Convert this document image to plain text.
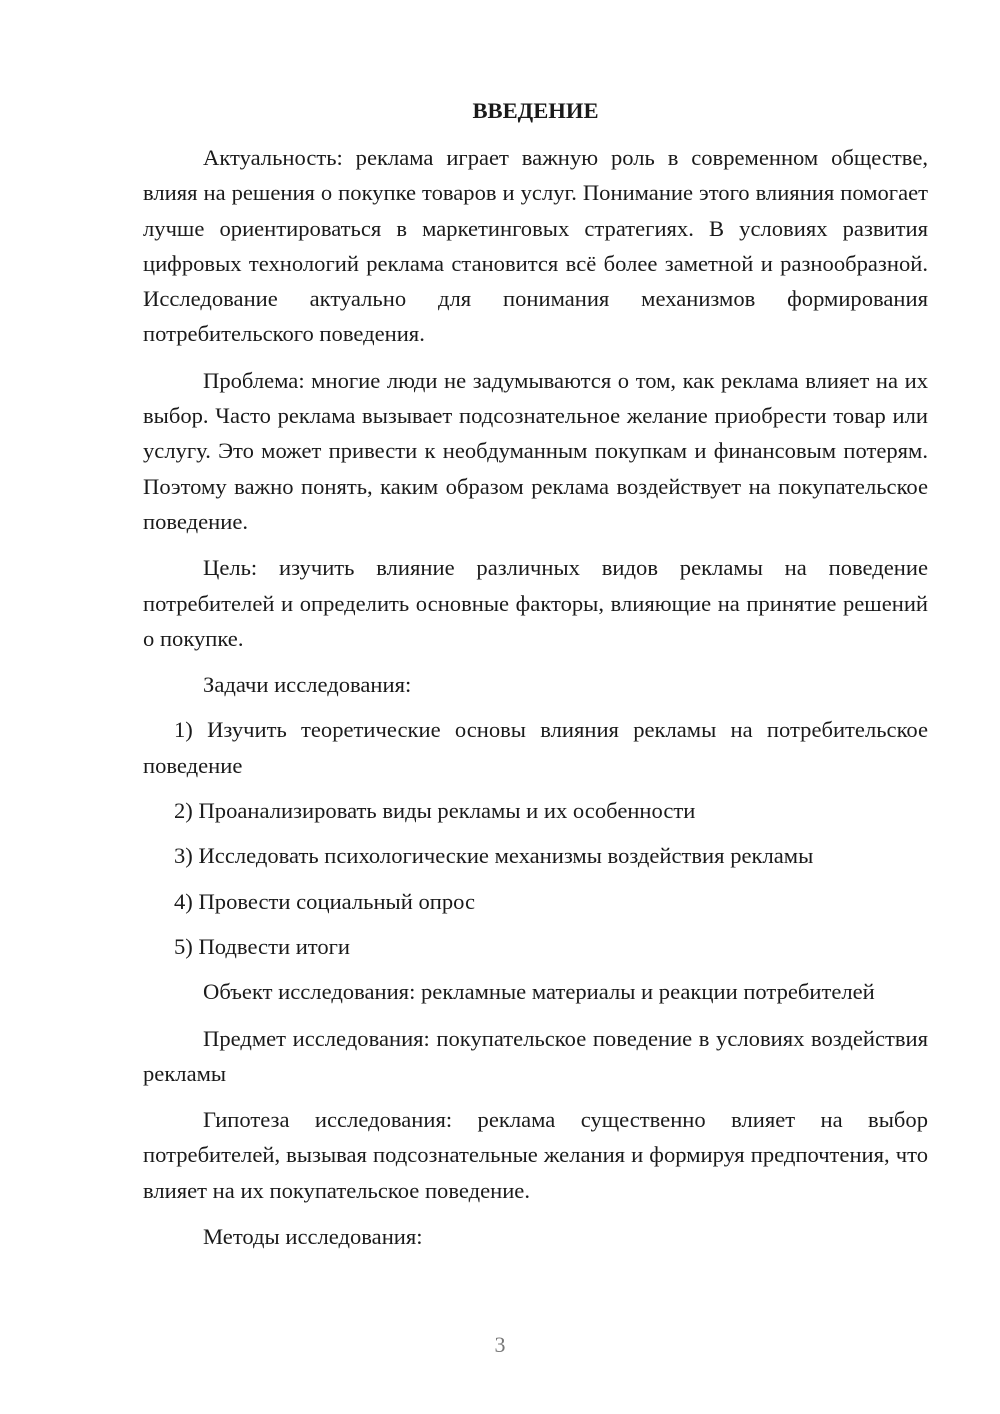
ВВЕДЕНИЕ

Актуальность: реклама играет важную роль в современном обществе, влияя на решения о покупке товаров и услуг. Понимание этого влияния помогает лучше ориентироваться в маркетинговых стратегиях. В условиях развития цифровых технологий реклама становится всё более заметной и разнообразной. Исследование актуально для понимания механизмов формирования потребительского поведения.

Проблема: многие люди не задумываются о том, как реклама влияет на их выбор. Часто реклама вызывает подсознательное желание приобрести товар или услугу. Это может привести к необдуманным покупкам и финансовым потерям. Поэтому важно понять, каким образом реклама воздействует на покупательское поведение.

Цель: изучить влияние различных видов рекламы на поведение потребителей и определить основные факторы, влияющие на принятие решений о покупке.

Задачи исследования:

1) Изучить теоретические основы влияния рекламы на потребительское поведение

2) Проанализировать виды рекламы и их особенности

3) Исследовать психологические механизмы воздействия рекламы

4) Провести социальный опрос

5) Подвести итоги

Объект исследования: рекламные материалы и реакции потребителей

Предмет исследования: покупательское поведение в условиях воздействия рекламы

Гипотеза исследования: реклама существенно влияет на выбор потребителей, вызывая подсознательные желания и формируя предпочтения, что влияет на их покупательское поведение.

Методы исследования:

3
